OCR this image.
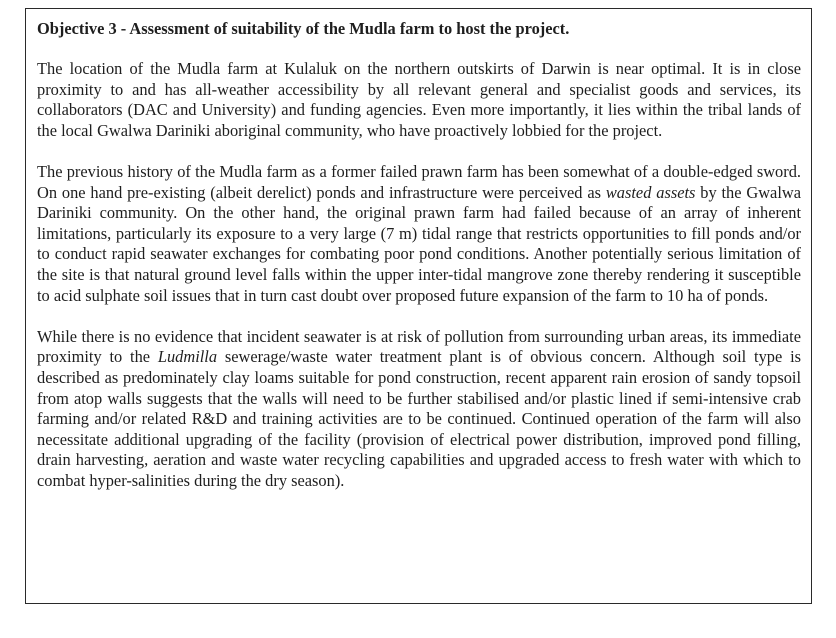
Objective 3 - Assessment of suitability of the Mudla farm to host the project.

The location of the Mudla farm at Kulaluk on the northern outskirts of Darwin is near optimal. It is in close proximity to and has all-weather accessibility by all relevant general and specialist goods and services, its collaborators (DAC and University) and funding agencies. Even more importantly, it lies within the tribal lands of the local Gwalwa Dariniki aboriginal community, who have proactively lobbied for the project.

The previous history of the Mudla farm as a former failed prawn farm has been somewhat of a double-edged sword. On one hand pre-existing (albeit derelict) ponds and infrastructure were perceived as wasted assets by the Gwalwa Dariniki community. On the other hand, the original prawn farm had failed because of an array of inherent limitations, particularly its exposure to a very large (7 m) tidal range that restricts opportunities to fill ponds and/or to conduct rapid seawater exchanges for combating poor pond conditions. Another potentially serious limitation of the site is that natural ground level falls within the upper inter-tidal mangrove zone thereby rendering it susceptible to acid sulphate soil issues that in turn cast doubt over proposed future expansion of the farm to 10 ha of ponds.

While there is no evidence that incident seawater is at risk of pollution from surrounding urban areas, its immediate proximity to the Ludmilla sewerage/waste water treatment plant is of obvious concern. Although soil type is described as predominately clay loams suitable for pond construction, recent apparent rain erosion of sandy topsoil from atop walls suggests that the walls will need to be further stabilised and/or plastic lined if semi-intensive crab farming and/or related R&D and training activities are to be continued. Continued operation of the farm will also necessitate additional upgrading of the facility (provision of electrical power distribution, improved pond filling, drain harvesting, aeration and waste water recycling capabilities and upgraded access to fresh water with which to combat hyper-salinities during the dry season).
